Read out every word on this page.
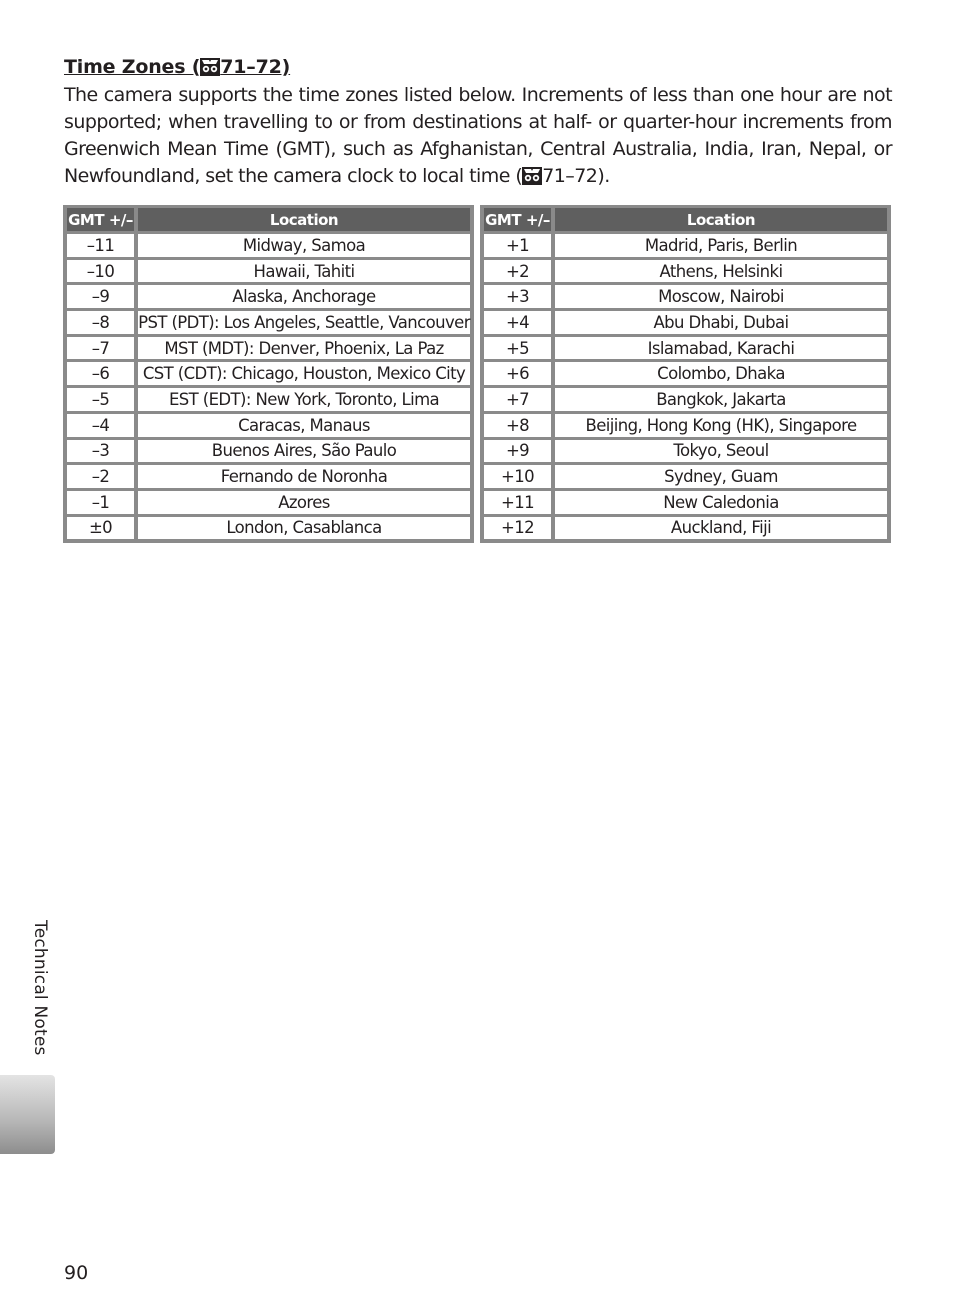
Time Zones ( 71–72)
The camera supports the time zones listed below. Increments of less than one hour are not supported; when travelling to or from destinations at half- or quarter-hour increments from Greenwich Mean Time (GMT), such as Afghanistan, Central Australia, India, Iran, Nepal, or Newfoundland, set the camera clock to local time ( 71–72).
GMT +/–		Location
–11		Midway, Samoa
–10		Hawaii, Tahiti
–9		Alaska, Anchorage
–8		PST (PDT): Los Angeles, Seattle, Vancouver
–7		MST (MDT): Denver, Phoenix, La Paz
–6		CST (CDT): Chicago, Houston, Mexico City
–5		EST (EDT): New York, Toronto, Lima
–4		Caracas, Manaus
–3		Buenos Aires, São Paulo
–2		Fernando de Noronha
–1		Azores
±0		London, Casablanca
GMT +/–		Location
+1		Madrid, Paris, Berlin
+2		Athens, Helsinki
+3		Moscow, Nairobi
+4		Abu Dhabi, Dubai
+5		Islamabad, Karachi
+6		Colombo, Dhaka
+7		Bangkok, Jakarta
+8		Beijing, Hong Kong (HK), Singapore
+9		Tokyo, Seoul
+10		Sydney, Guam
+11		New Caledonia
+12		Auckland, Fiji
Technical Notes
90
